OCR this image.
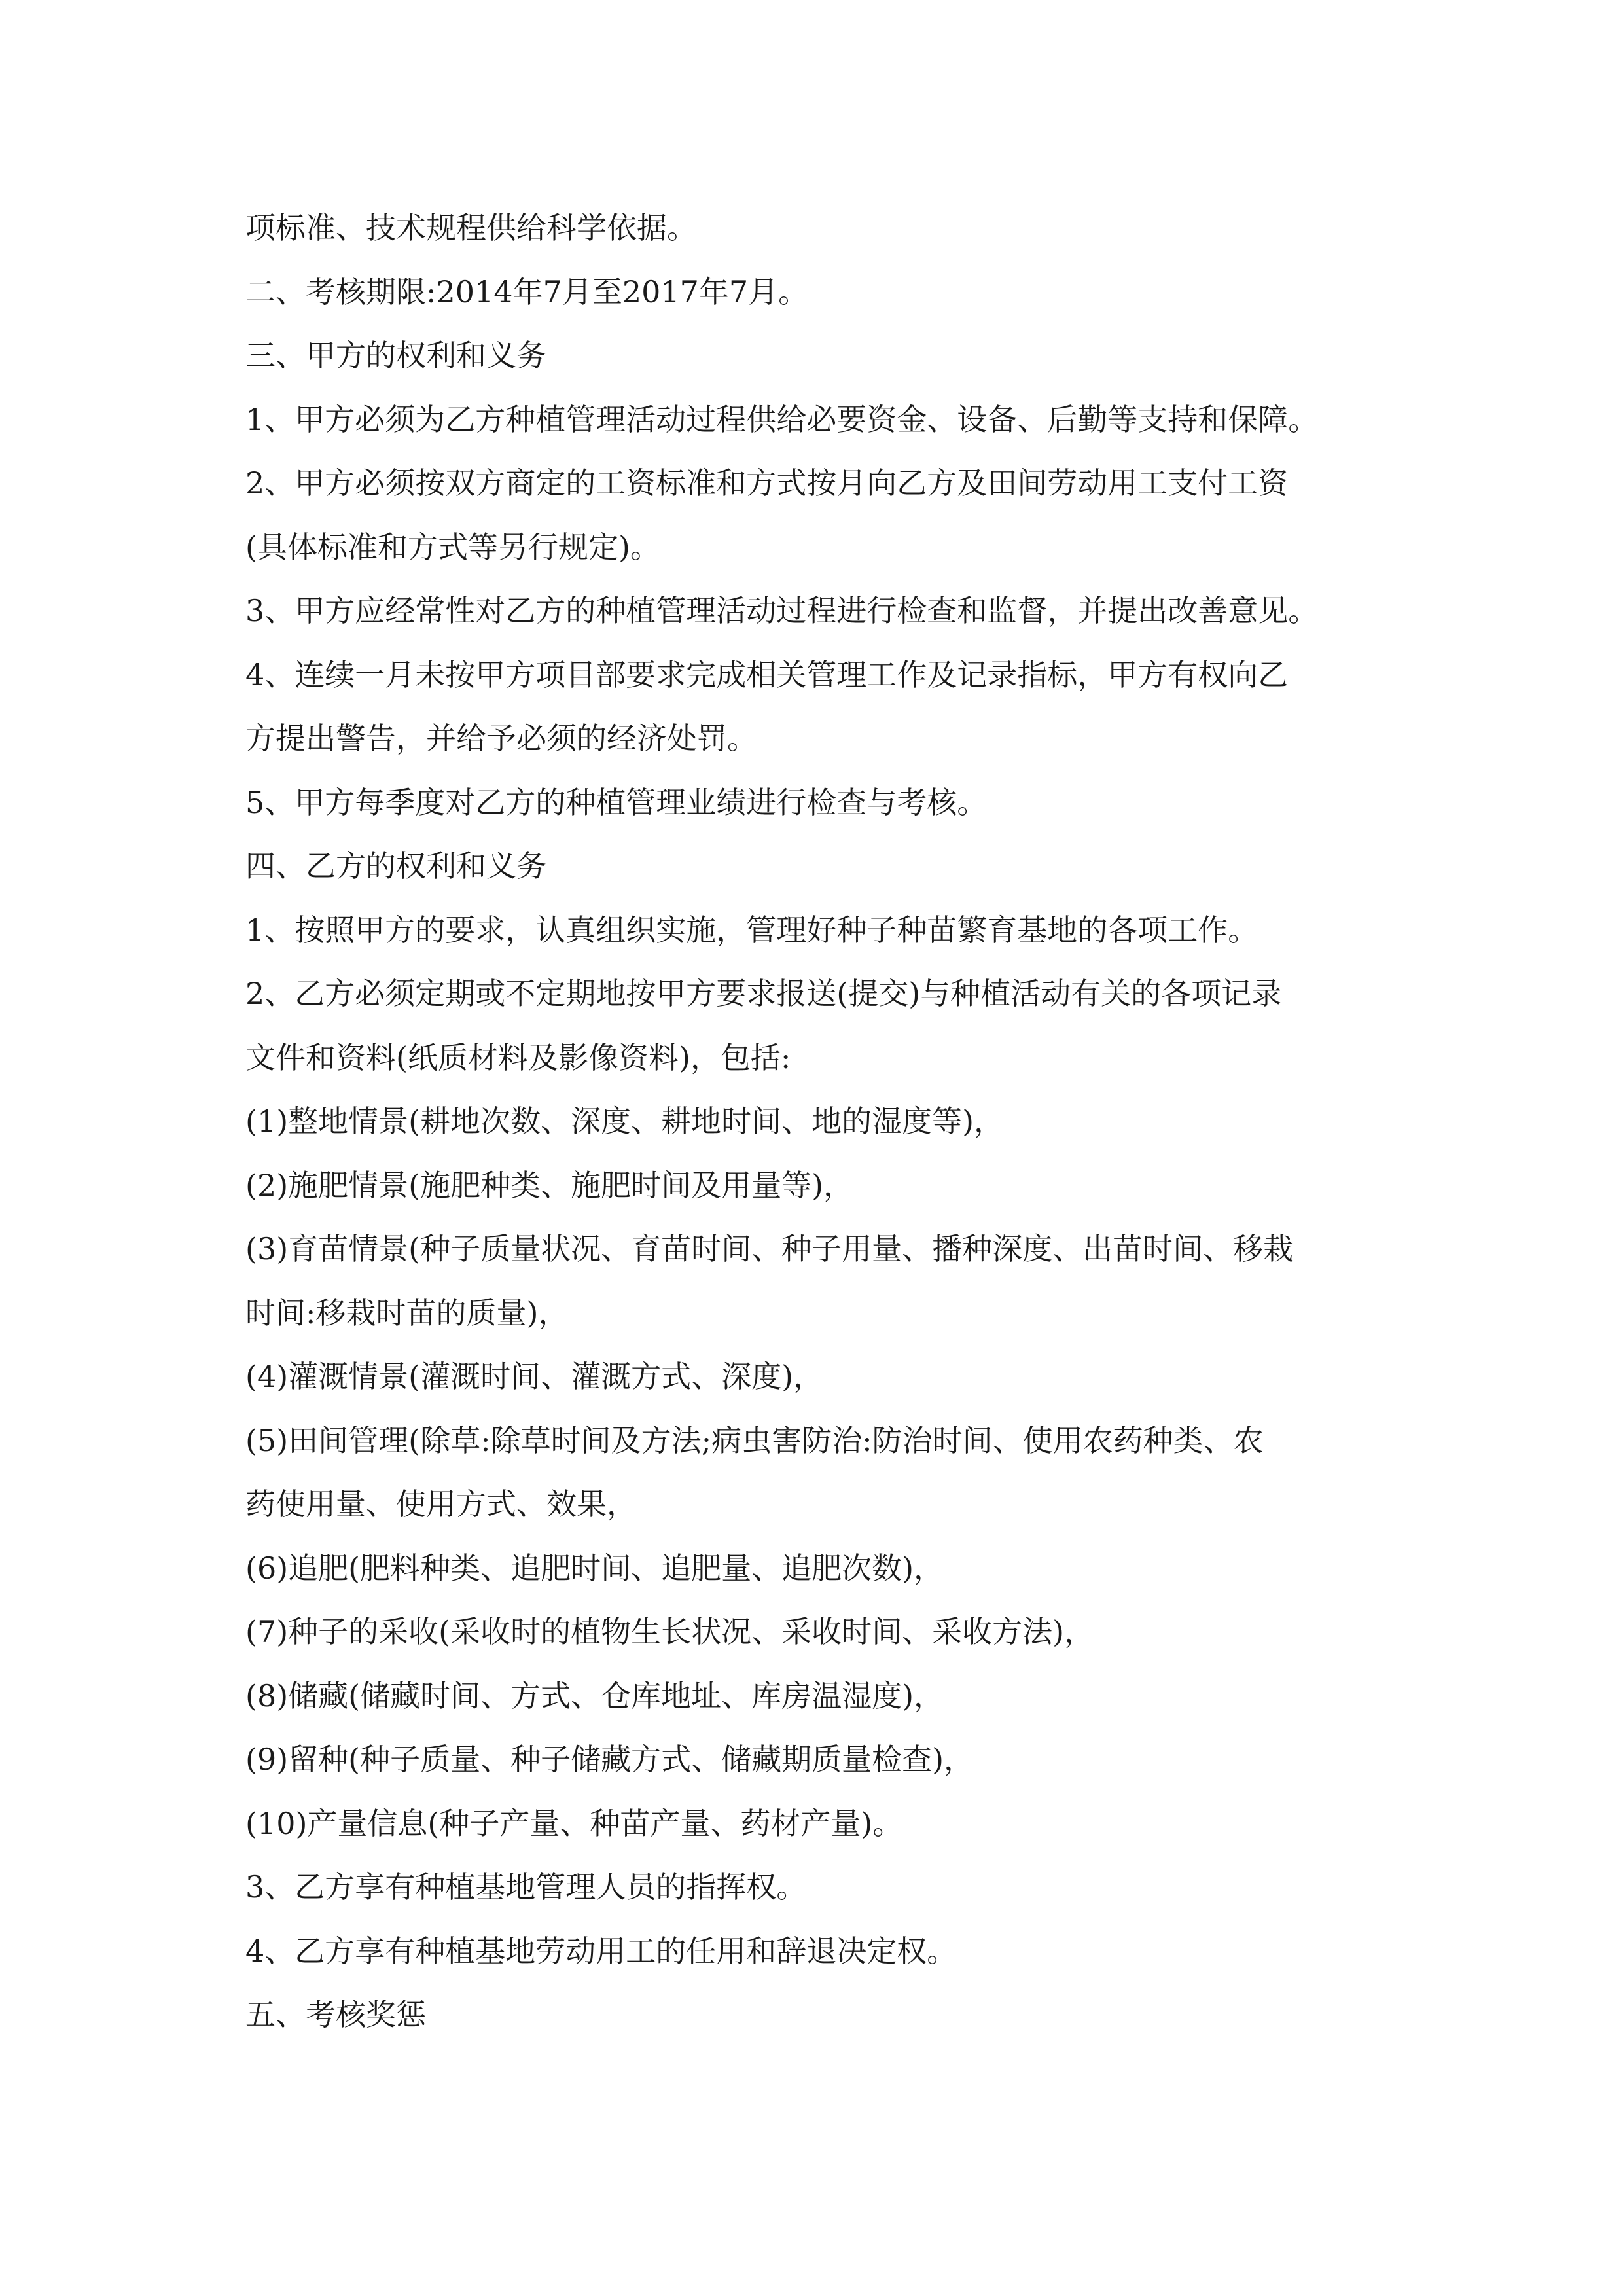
项标准、技术规程供给科学依据。
二、考核期限:2014年7月至2017年7月。
三、甲方的权利和义务
1、甲方必须为乙方种植管理活动过程供给必要资金、设备、后勤等支持和保障。
2、甲方必须按双方商定的工资标准和方式按月向乙方及田间劳动用工支付工资
(具体标准和方式等另行规定)。
3、甲方应经常性对乙方的种植管理活动过程进行检查和监督，并提出改善意见。
4、连续一月未按甲方项目部要求完成相关管理工作及记录指标，甲方有权向乙
方提出警告，并给予必须的经济处罚。
5、甲方每季度对乙方的种植管理业绩进行检查与考核。
四、乙方的权利和义务
1、按照甲方的要求，认真组织实施，管理好种子种苗繁育基地的各项工作。
2、乙方必须定期或不定期地按甲方要求报送(提交)与种植活动有关的各项记录
文件和资料(纸质材料及影像资料)，包括:
(1)整地情景(耕地次数、深度、耕地时间、地的湿度等)，
(2)施肥情景(施肥种类、施肥时间及用量等)，
(3)育苗情景(种子质量状况、育苗时间、种子用量、播种深度、出苗时间、移栽
时间:移栽时苗的质量)，
(4)灌溉情景(灌溉时间、灌溉方式、深度)，
(5)田间管理(除草:除草时间及方法;病虫害防治:防治时间、使用农药种类、农
药使用量、使用方式、效果，
(6)追肥(肥料种类、追肥时间、追肥量、追肥次数)，
(7)种子的采收(采收时的植物生长状况、采收时间、采收方法)，
(8)储藏(储藏时间、方式、仓库地址、库房温湿度)，
(9)留种(种子质量、种子储藏方式、储藏期质量检查)，
(10)产量信息(种子产量、种苗产量、药材产量)。
3、乙方享有种植基地管理人员的指挥权。
4、乙方享有种植基地劳动用工的任用和辞退决定权。
五、考核奖惩
